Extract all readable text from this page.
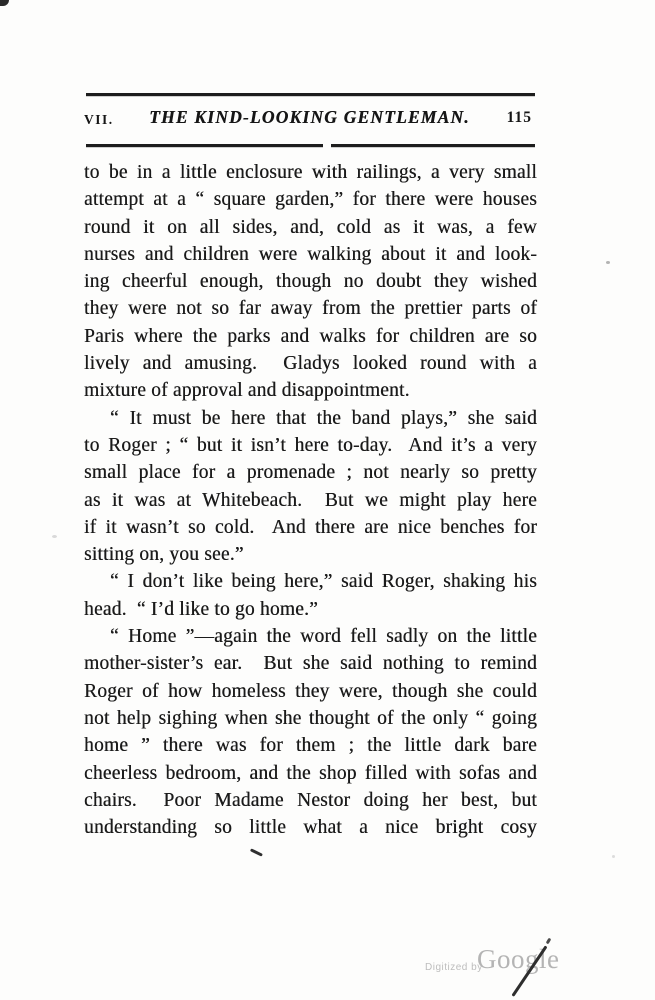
VII.	THE KIND-LOOKING GENTLEMAN.	115
to be in a little enclosure with railings, a very small
attempt at a “ square garden,” for there were houses
round it on all sides, and, cold as it was, a few
nurses and children were walking about it and look-
ing cheerful enough, though no doubt they wished
they were not so far away from the prettier parts of
Paris where the parks and walks for children are so
lively and amusing.  Gladys looked round with a
mixture of approval and disappointment.
“ It must be here that the band plays,” she said
to Roger ; “ but it isn’t here to-day.  And it’s a very
small place for a promenade ; not nearly so pretty
as it was at Whitebeach.  But we might play here
if it wasn’t so cold.  And there are nice benches for
sitting on, you see.”
“ I don’t like being here,” said Roger, shaking his
head.  “ I’d like to go home.”
“ Home ”—again the word fell sadly on the little
mother-sister’s ear.  But she said nothing to remind
Roger of how homeless they were, though she could
not help sighing when she thought of the only “ going
home ” there was for them ; the little dark bare
cheerless bedroom, and the shop filled with sofas and
chairs.  Poor Madame Nestor doing her best, but
understanding so little what a nice bright cosy
Digitized by
Google
